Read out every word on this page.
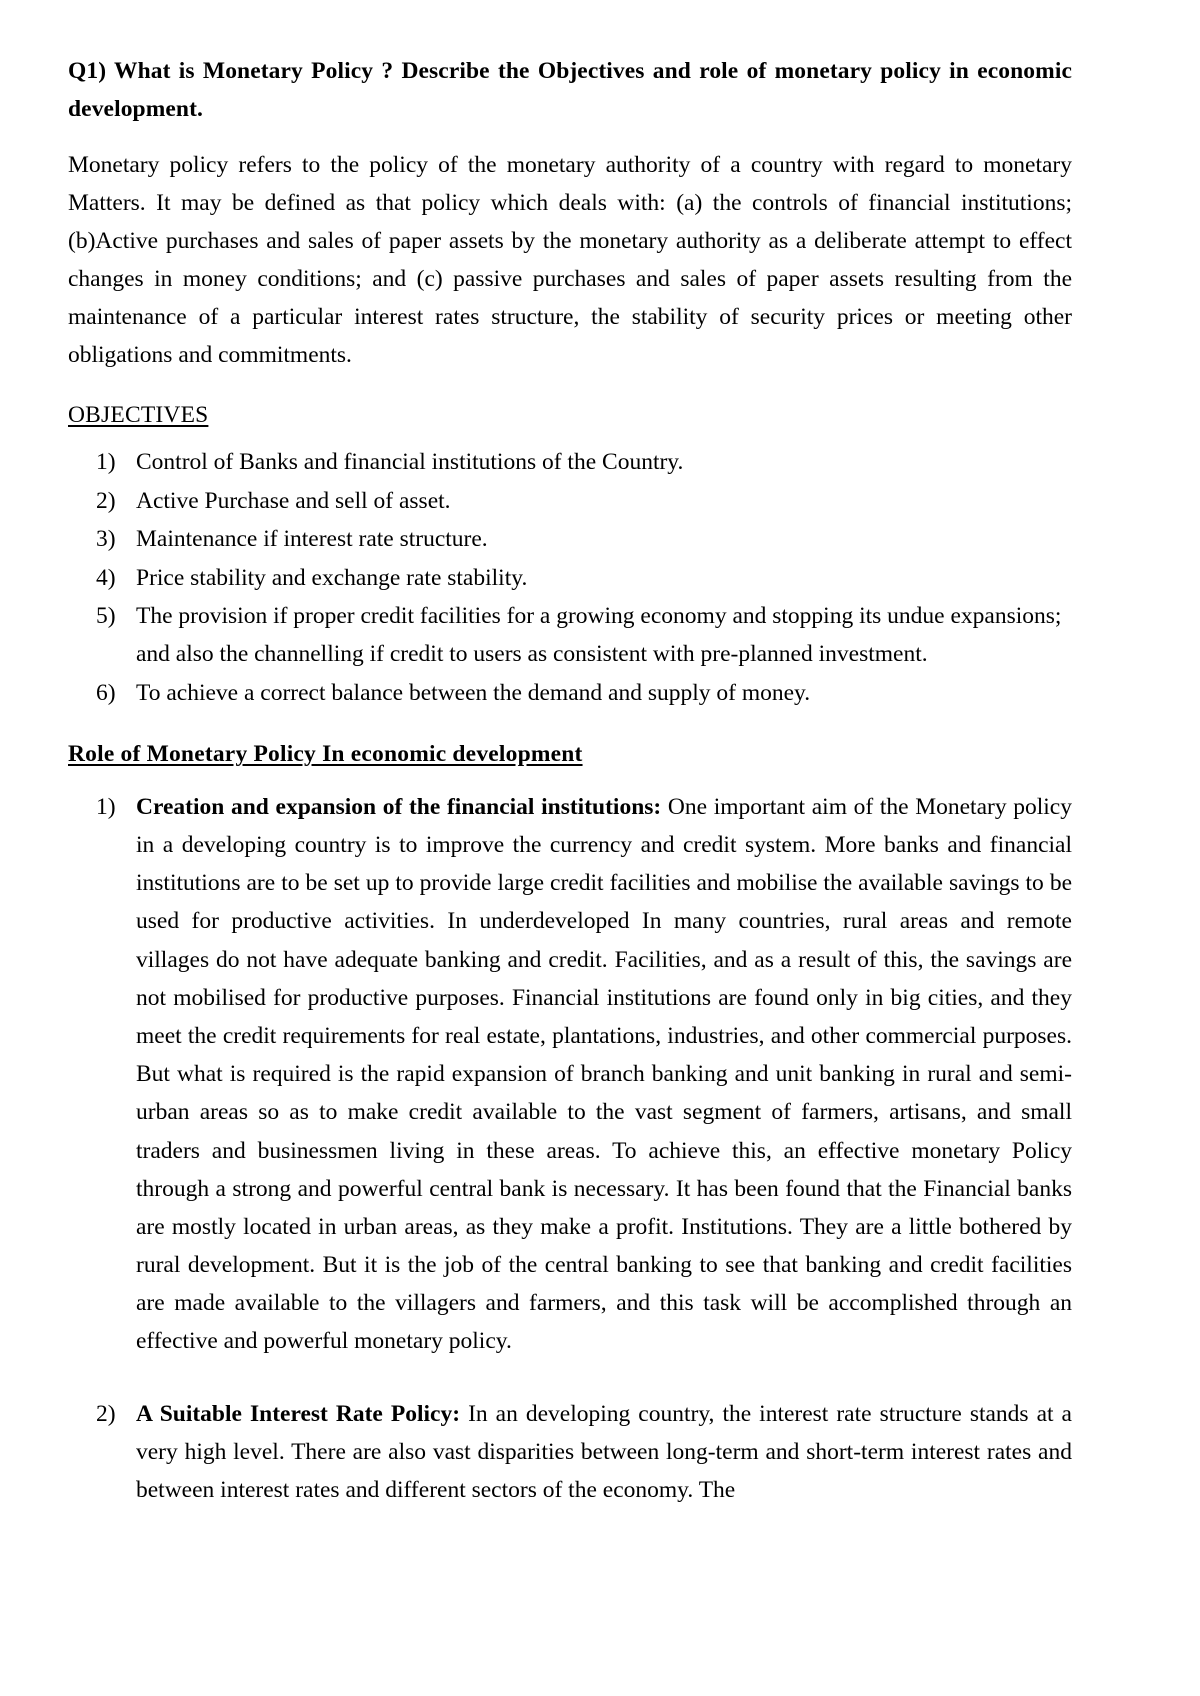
Q1) What is Monetary Policy ? Describe the Objectives and role of monetary policy in economic development.

Monetary policy refers to the policy of the monetary authority of a country with regard to monetary Matters. It may be defined as that policy which deals with: (a) the controls of financial institutions; (b)Active purchases and sales of paper assets by the monetary authority as a deliberate attempt to effect changes in money conditions; and (c) passive purchases and sales of paper assets resulting from the maintenance of a particular interest rates structure, the stability of security prices or meeting other obligations and commitments.

OBJECTIVES
1) Control of Banks and financial institutions of the Country.
2) Active Purchase and sell of asset.
3) Maintenance if interest rate structure.
4) Price stability and exchange rate stability.
5) The provision if proper credit facilities for a growing economy and stopping its undue expansions; and also the channelling if credit to users as consistent with pre-planned investment.
6) To achieve a correct balance between the demand and supply of money.
Role of Monetary Policy In economic development
1) Creation and expansion of the financial institutions: One important aim of the Monetary policy in a developing country is to improve the currency and credit system. More banks and financial institutions are to be set up to provide large credit facilities and mobilise the available savings to be used for productive activities. In underdeveloped In many countries, rural areas and remote villages do not have adequate banking and credit. Facilities, and as a result of this, the savings are not mobilised for productive purposes. Financial institutions are found only in big cities, and they meet the credit requirements for real estate, plantations, industries, and other commercial purposes. But what is required is the rapid expansion of branch banking and unit banking in rural and semi-urban areas so as to make credit available to the vast segment of farmers, artisans, and small traders and businessmen living in these areas. To achieve this, an effective monetary Policy through a strong and powerful central bank is necessary. It has been found that the Financial banks are mostly located in urban areas, as they make a profit. Institutions. They are a little bothered by rural development. But it is the job of the central banking to see that banking and credit facilities are made available to the villagers and farmers, and this task will be accomplished through an effective and powerful monetary policy.
2) A Suitable Interest Rate Policy: In an developing country, the interest rate structure stands at a very high level. There are also vast disparities between long-term and short-term interest rates and between interest rates and different sectors of the economy. The
